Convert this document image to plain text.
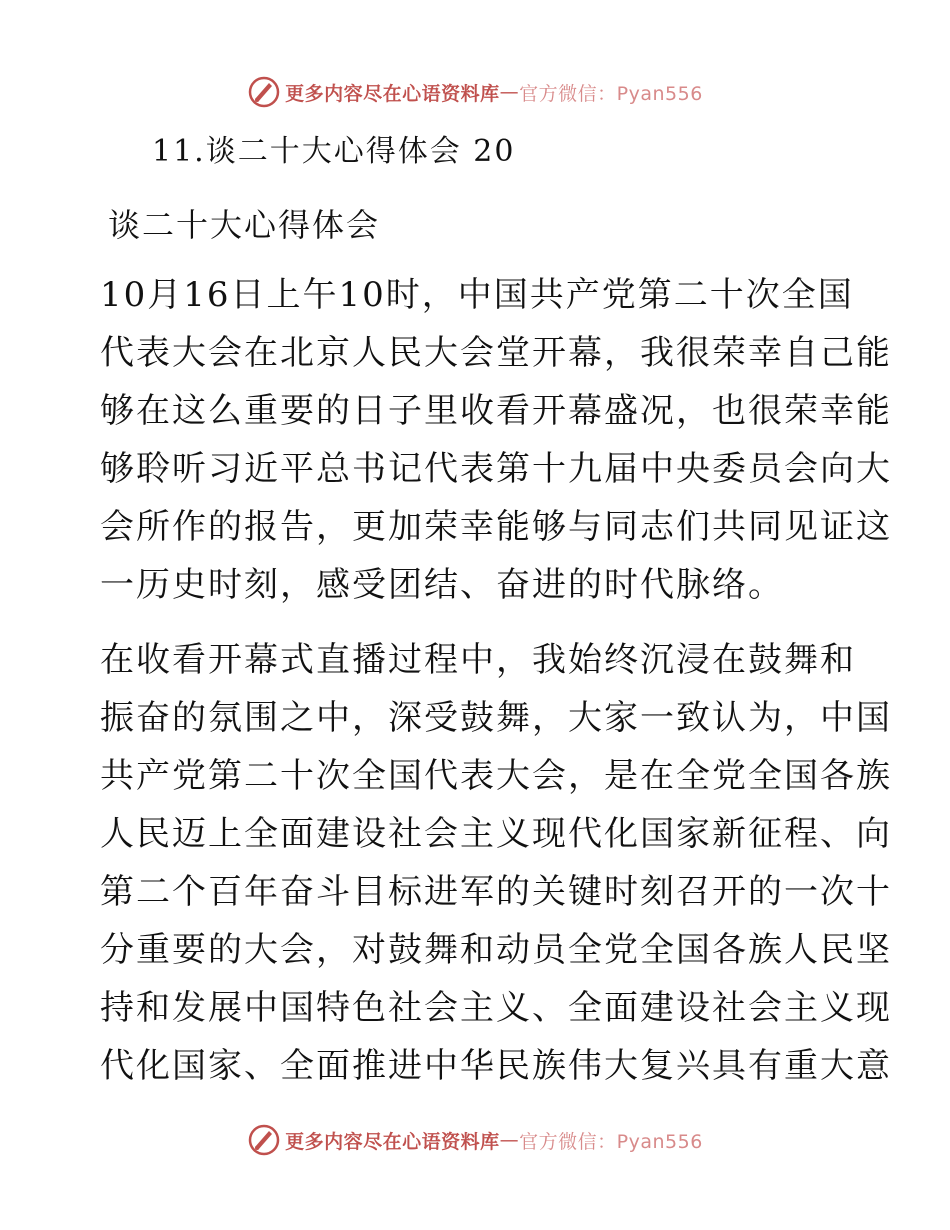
更多内容尽在心语资料库 — 官方微信：Pyan556
11.谈二十大心得体会 20
谈二十大心得体会
10月16日上午10时，中国共产党第二十次全国
代表大会在北京人民大会堂开幕，我很荣幸自己能
够在这么重要的日子里收看开幕盛况，也很荣幸能
够聆听习近平总书记代表第十九届中央委员会向大
会所作的报告，更加荣幸能够与同志们共同见证这
一历史时刻，感受团结、奋进的时代脉络。
在收看开幕式直播过程中，我始终沉浸在鼓舞和
振奋的氛围之中，深受鼓舞，大家一致认为，中国
共产党第二十次全国代表大会，是在全党全国各族
人民迈上全面建设社会主义现代化国家新征程、向
第二个百年奋斗目标进军的关键时刻召开的一次十
分重要的大会，对鼓舞和动员全党全国各族人民坚
持和发展中国特色社会主义、全面建设社会主义现
代化国家、全面推进中华民族伟大复兴具有重大意
更多内容尽在心语资料库 — 官方微信：Pyan556
